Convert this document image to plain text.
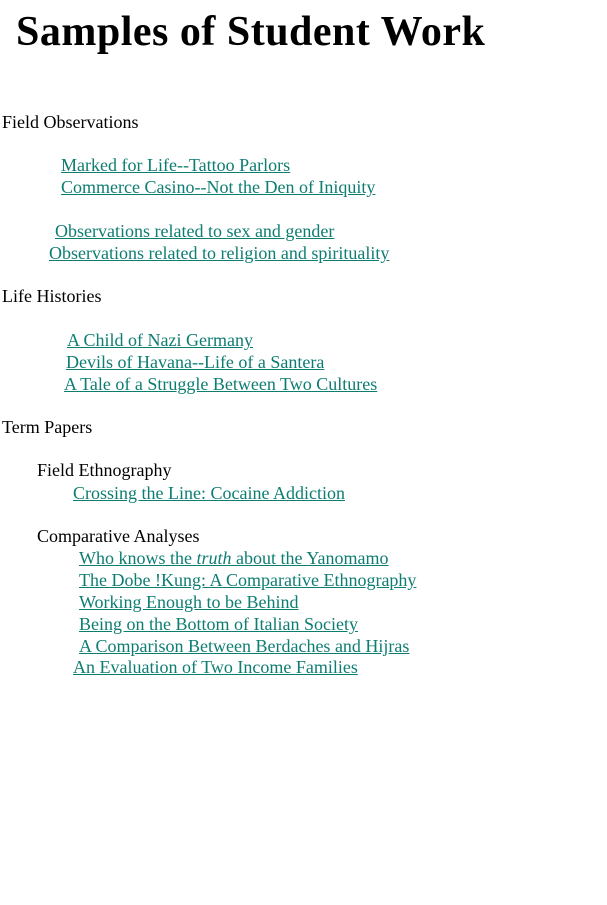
Samples of Student Work
Field Observations
Marked for Life--Tattoo Parlors
Commerce Casino--Not the Den of Iniquity
Observations related to sex and gender
Observations related to religion and spirituality
Life Histories
A Child of Nazi Germany
Devils of Havana--Life of a Santera
A Tale of a Struggle Between Two Cultures
Term Papers
Field Ethnography
Crossing the Line: Cocaine Addiction
Comparative Analyses
Who knows the truth about the Yanomamo
The Dobe !Kung: A Comparative Ethnography
Working Enough to be Behind
Being on the Bottom of Italian Society
A Comparison Between Berdaches and Hijras
An Evaluation of Two Income Families
